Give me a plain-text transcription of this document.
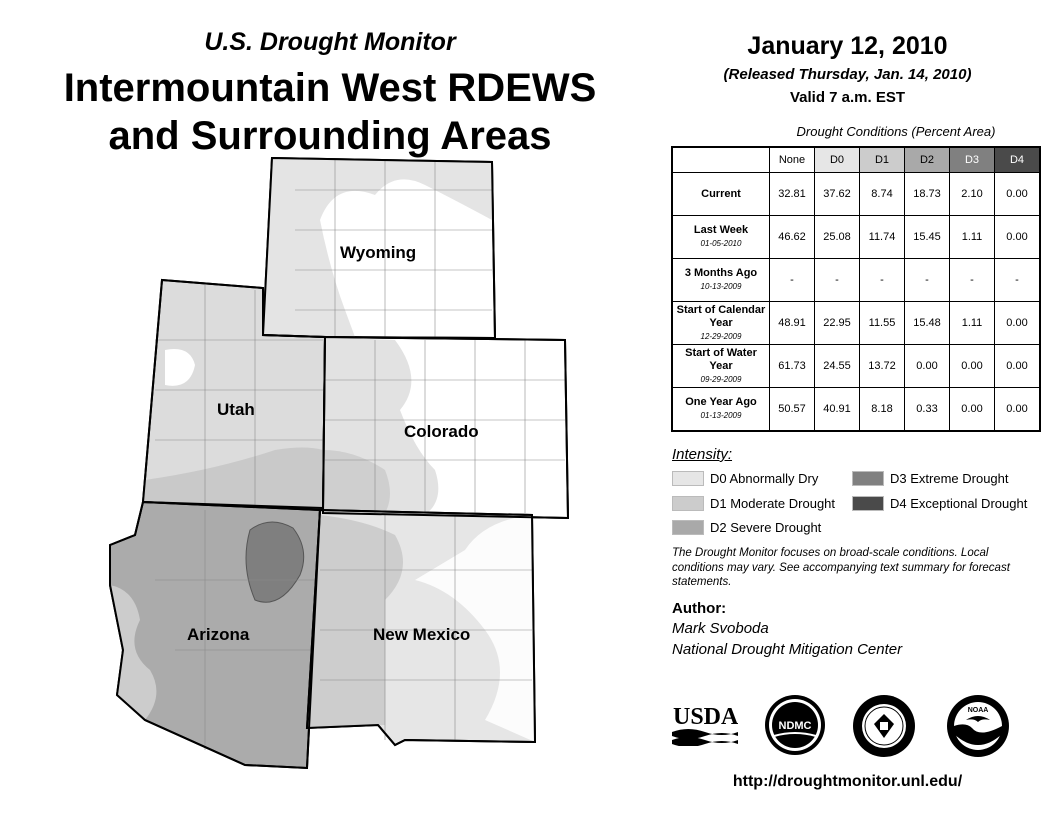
U.S. Drought Monitor
Intermountain West RDEWS
and Surrounding Areas
Wyoming
Utah
Colorado
Arizona	New Mexico
January 12, 2010
(Released Thursday, Jan. 14, 2010)
Valid 7 a.m. EST
Drought Conditions (Percent Area)
	None	D0	D1	D2	D3	D4

Current	32.81	37.62	8.74	18.73	2.10	0.00

Last Week
01-05-2010	46.62	25.08	11.74	15.45	1.11	0.00

3 Months Ago
10-13-2009	-	-	-	-	-	-

Start of Calendar Year
12-29-2009	48.91	22.95	11.55	15.48	1.11	0.00

Start of Water Year
09-29-2009	61.73	24.55	13.72	0.00	0.00	0.00

One Year Ago
01-13-2009	50.57	40.91	8.18	0.33	0.00	0.00
Intensity:
D0 Abnormally Dry
D1 Moderate Drought
D2 Severe Drought
D3 Extreme Drought
D4 Exceptional Drought
The Drought Monitor focuses on broad-scale conditions. Local conditions may vary. See accompanying text summary for forecast statements.
Author:
Mark Svoboda
National Drought Mitigation Center
USDA	NDMC
NOAA
http://droughtmonitor.unl.edu/
